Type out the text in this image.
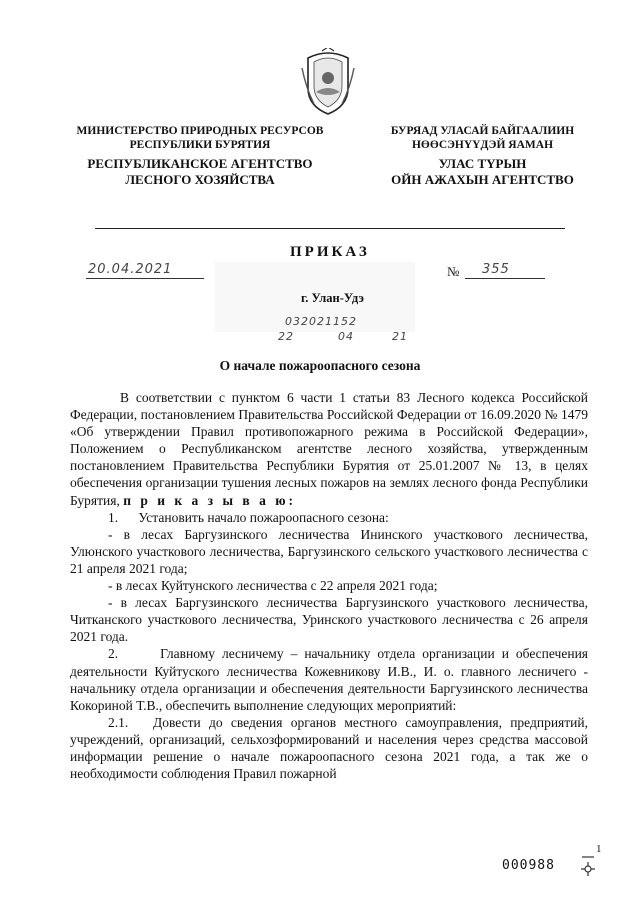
МИНИСТЕРСТВО ПРИРОДНЫХ РЕСУРСОВ
РЕСПУБЛИКИ БУРЯТИЯ
РЕСПУБЛИКАНСКОЕ АГЕНТСТВО
ЛЕСНОГО ХОЗЯЙСТВА
БУРЯАД УЛАСАЙ БАЙГААЛИИН
НӨӨСЭНҮҮДЭЙ ЯАМАН
УЛАС ТҮРЫН
ОЙН АЖАХЫН АГЕНТСТВО
ПРИКАЗ
20.04.2021	№ 355
г. Улан-Удэ
032021152
22	04	21
О начале пожароопасного сезона

В соответствии с пунктом 6 части 1 статьи 83 Лесного кодекса Российской Федерации, постановлением Правительства Российской Федерации от 16.09.2020 № 1479 «Об утверждении Правил противопожарного режима в Российской Федерации», Положением о Республиканском агентстве лесного хозяйства, утвержденным постановлением Правительства Республики Бурятия от 25.01.2007 № 13, в целях обеспечения организации тушения лесных пожаров на землях лесного фонда Республики Бурятия, п р и к а з ы в а ю:

1.      Установить начало пожароопасного сезона:

- в лесах Баргузинского лесничества Ининского участкового лесничества, Улюнского участкового лесничества, Баргузинского сельского участкового лесничества с 21 апреля 2021 года;

- в лесах Куйтунского лесничества с 22 апреля 2021 года;

- в лесах Баргузинского лесничества Баргузинского участкового лесничества, Читканского участкового лесничества, Уринского участкового лесничества с 26 апреля 2021 года.

2.      Главному лесничему – начальнику отдела организации и обеспечения деятельности Куйтуского лесничества Кожевникову И.В., И. о. главного лесничего - начальнику отдела организации и обеспечения деятельности Баргузинского лесничества Кокориной Т.В., обеспечить выполнение следующих мероприятий:

2.1.   Довести до сведения органов местного самоуправления, предприятий, учреждений, организаций, сельхозформирований и населения через средства массовой информации решение о начале пожароопасного сезона 2021 года, а так же о необходимости соблюдения Правил пожарной

1
000988
